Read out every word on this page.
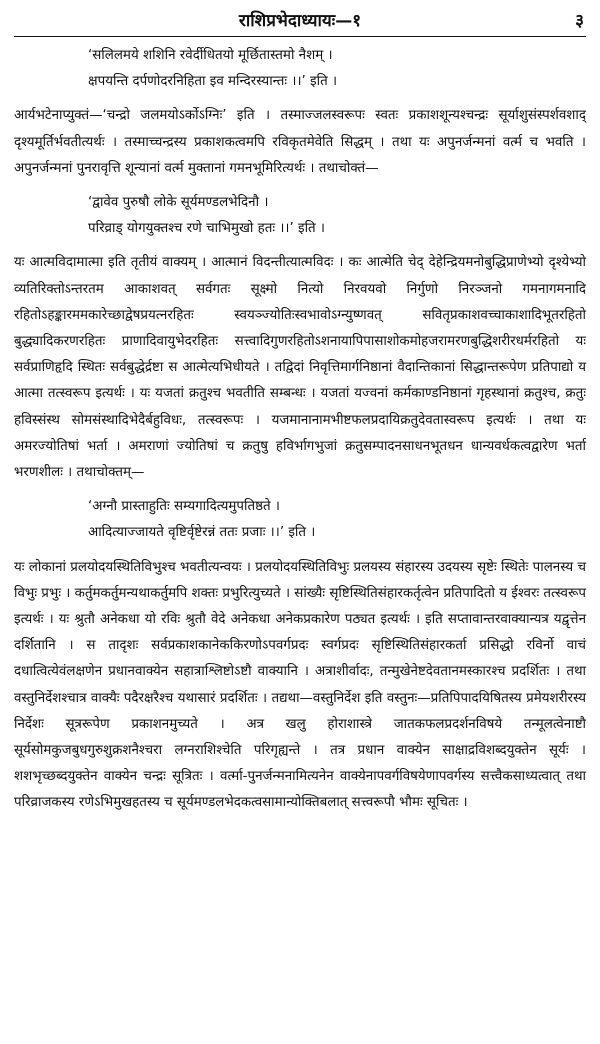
राशिप्रभेदाध्यायः—१	३
‘सलिलमये शशिनि रवेर्दीधितयो मूर्छितास्तमो नैशम् ।
क्षपयन्ति दर्पणोदरनिहिता इव मन्दिरस्यान्तः ।।’ इति ।

आर्यभटेनाप्युक्तं—‘चन्द्रो जलमयोऽर्कोऽग्निः’ इति । तस्माज्जलस्वरूपः स्वतः प्रकाशशून्यश्चन्द्रः सूर्याशुसंस्पर्शवशाद् दृश्यमूर्तिर्भवतीत्यर्थः । तस्माच्चन्द्रस्य प्रकाशकत्वमपि रविकृतमेवेति सिद्धम् । तथा यः अपुनर्जन्मनां वर्त्म च भवति । अपुनर्जन्मनां पुनरावृत्ति शून्यानां वर्त्म मुक्तानां गमनभूमिरित्यर्थः । तथाचोक्तं—

‘द्वावेव पुरुषौ लोके सूर्यमण्डलभेदिनौ ।
परिव्राड् योगयुक्तश्च रणे चाभिमुखो हतः ।।’ इति ।

यः आत्मविदामात्मा इति तृतीयं वाक्यम् । आत्मानं विदन्तीत्यात्मविदः । कः आत्मेति चेद् देहेन्द्रियमनोबुद्धिप्राणेभ्यो दृश्येभ्यो व्यतिरिक्तोऽन्तरतम आकाशवत् सर्वगतः सूक्ष्मो नित्यो निरवयवो निर्गुणो निरञ्जनो गमनागमनादि रहितोऽहङ्कारममकारेच्छाद्वेषप्रयत्नरहितः स्वयञ्ज्योतिःस्वभावोऽग्न्युष्णवत् सवितृप्रकाशवच्चाकाशादिभूतरहितो बुद्ध्यादिकरणरहितः प्राणादिवायुभेदरहितः सत्त्वादिगुणरहितोऽशनायापिपासाशोकमोहजरामरणबुद्धिशरीरधर्मरहितो यः सर्वप्राणिहृदि स्थितः सर्वबुद्धेर्द्रष्टा स आत्मेत्यभिधीयते । तद्विदां निवृत्तिमार्गनिष्ठानां वैदान्तिकानां सिद्धान्तरूपेण प्रतिपाद्यो य आत्मा तत्स्वरूप इत्यर्थः । यः यजतां क्रतुश्च भवतीति सम्बन्धः । यजतां यज्वनां कर्मकाण्डनिष्ठानां गृहस्थानां क्रतुश्च, क्रतुः हविस्संस्थ सोमसंस्थादिभेदैर्बहुविधः, तत्स्वरूपः । यजमानानामभीष्टफलप्रदायिक्रतुदेवतास्वरूप इत्यर्थः । तथा यः अमरज्योतिषां भर्ता । अमराणां ज्योतिषां च क्रतुषु हविर्भागभुजां क्रतुसम्पादनसाधनभूतधन धान्यवर्धकत्वद्वारेण भर्ता भरणशीलः । तथाचोक्तम्—

‘अग्नौ प्रास्ताहुतिः सम्यगादित्यमुपतिष्ठते ।
आदित्याज्जायते वृष्टिर्वृष्टेरन्नं ततः प्रजाः ।।’ इति ।

यः लोकानां प्रलयोदयस्थितिविभुश्च भवतीत्यन्वयः । प्रलयोदयस्थितिविभुः प्रलयस्य संहारस्य उदयस्य सृष्टेः स्थितेः पालनस्य च विभुः प्रभुः । कर्तुमकर्तुमन्यथाकर्तुमपि शक्तः प्रभुरित्युच्यते । सांख्यैः सृष्टिस्थितिसंहारकर्तृत्वेन प्रतिपादितो य ईश्वरः तत्स्वरूप इत्यर्थः । यः श्रुतौ अनेकधा यो रविः श्रुतौ वेदे अनेकधा अनेकप्रकारेण पठ्यत इत्यर्थः । इति सप्तावान्तरवाक्यान्यत्र यद्वृत्तेन दर्शितानि । स तादृशः सर्वप्रकाशकानेककिरणोऽपवर्गप्रदः स्वर्गप्रदः सृष्टिस्थितिसंहारकर्ता प्रसिद्धो रविर्नो वाचं दधात्वित्येवंलक्षणेन प्रधानवाक्येन सहात्राश्लिष्टोऽष्टौ वाक्यानि । अत्राशीर्वादः, तन्मुखेनेष्टदेवतानमस्कारश्च प्रदर्शितः । तथा वस्तुनिर्देशश्चात्र वाक्यैः पदैरक्षरैश्च यथासारं प्रदर्शितः । तद्यथा—वस्तुनिर्देश इति वस्तुनः—प्रतिपिपादयिषितस्य प्रमेयशरीरस्य निर्देशः सूत्ररूपेण प्रकाशनमुच्यते । अत्र खलु होराशास्त्रे जातकफलप्रदर्शनविषये तन्मूलत्वेनाष्टौ सूर्यसोमकुजबुधगुरुशुक्रशनैश्चरा लग्नराशिश्चेति परिगृह्यन्ते । तत्र प्रधान वाक्येन साक्षाद्रविशब्दयुक्तेन सूर्यः । शशभृच्छब्दयुक्तेन वाक्येन चन्द्रः सूत्रितः । वर्त्मा-पुनर्जन्मनामित्यनेन वाक्येनापवर्गविषयेणापवर्गस्य सत्त्वैकसाध्यत्वात् तथा परिव्राजकस्य रणेऽभिमुखहतस्य च सूर्यमण्डलभेदकत्वसामान्योक्तिबलात् सत्त्वरूपौ भौमः सूचितः ।
